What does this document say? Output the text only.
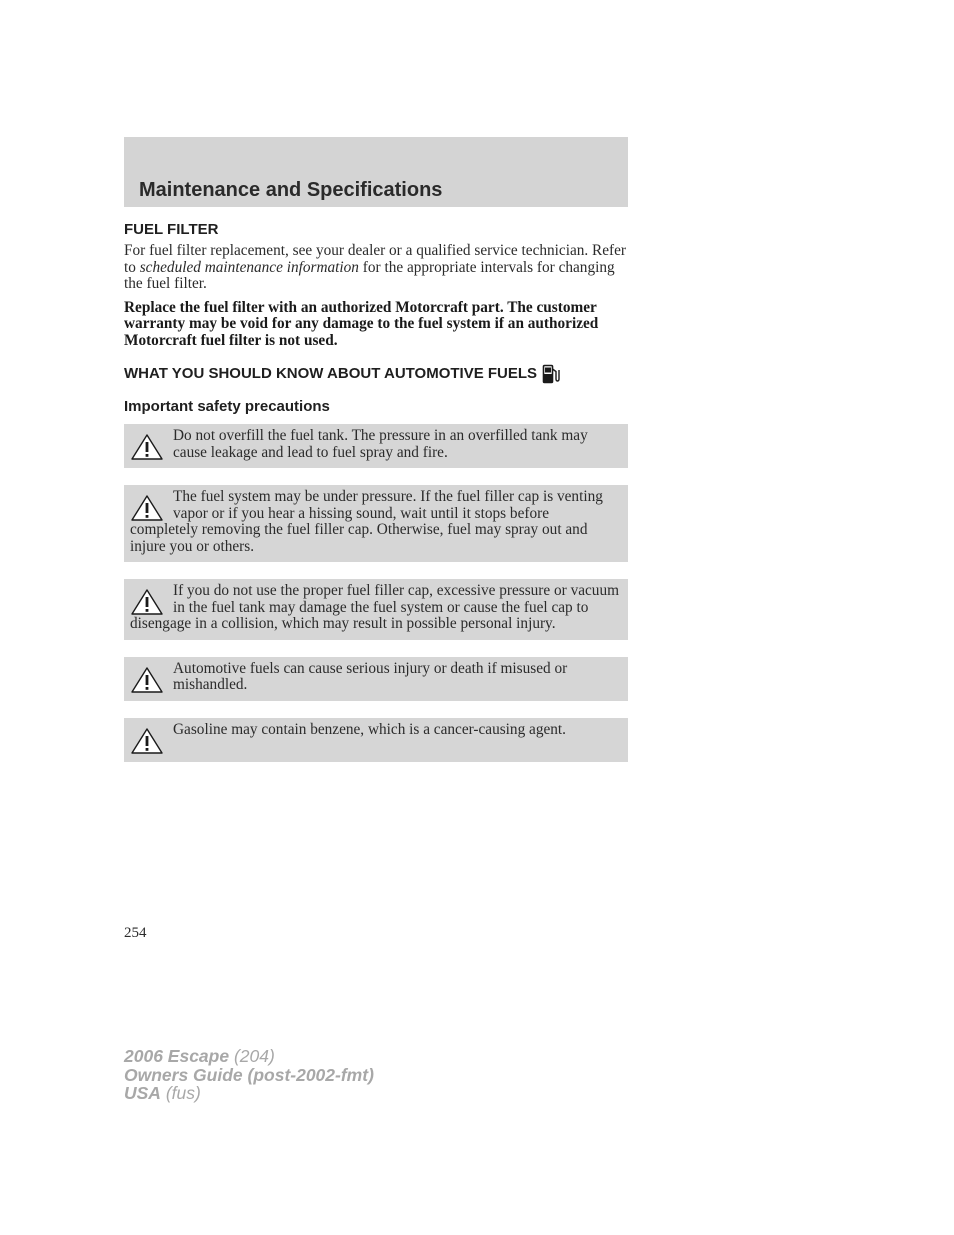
Maintenance and Specifications
FUEL FILTER

For fuel filter replacement, see your dealer or a qualified service technician. Refer to scheduled maintenance information for the appropriate intervals for changing the fuel filter.

Replace the fuel filter with an authorized Motorcraft part. The customer warranty may be void for any damage to the fuel system if an authorized Motorcraft fuel filter is not used.

WHAT YOU SHOULD KNOW ABOUT AUTOMOTIVE FUELS
Important safety precautions

Do not overfill the fuel tank. The pressure in an overfilled tank may cause leakage and lead to fuel spray and fire.

The fuel system may be under pressure. If the fuel filler cap is venting vapor or if you hear a hissing sound, wait until it stops before completely removing the fuel filler cap. Otherwise, fuel may spray out and injure you or others.

If you do not use the proper fuel filler cap, excessive pressure or vacuum in the fuel tank may damage the fuel system or cause the fuel cap to disengage in a collision, which may result in possible personal injury.

Automotive fuels can cause serious injury or death if misused or mishandled.

Gasoline may contain benzene, which is a cancer-causing agent.

254
2006 Escape (204)
Owners Guide (post-2002-fmt)
USA (fus)
